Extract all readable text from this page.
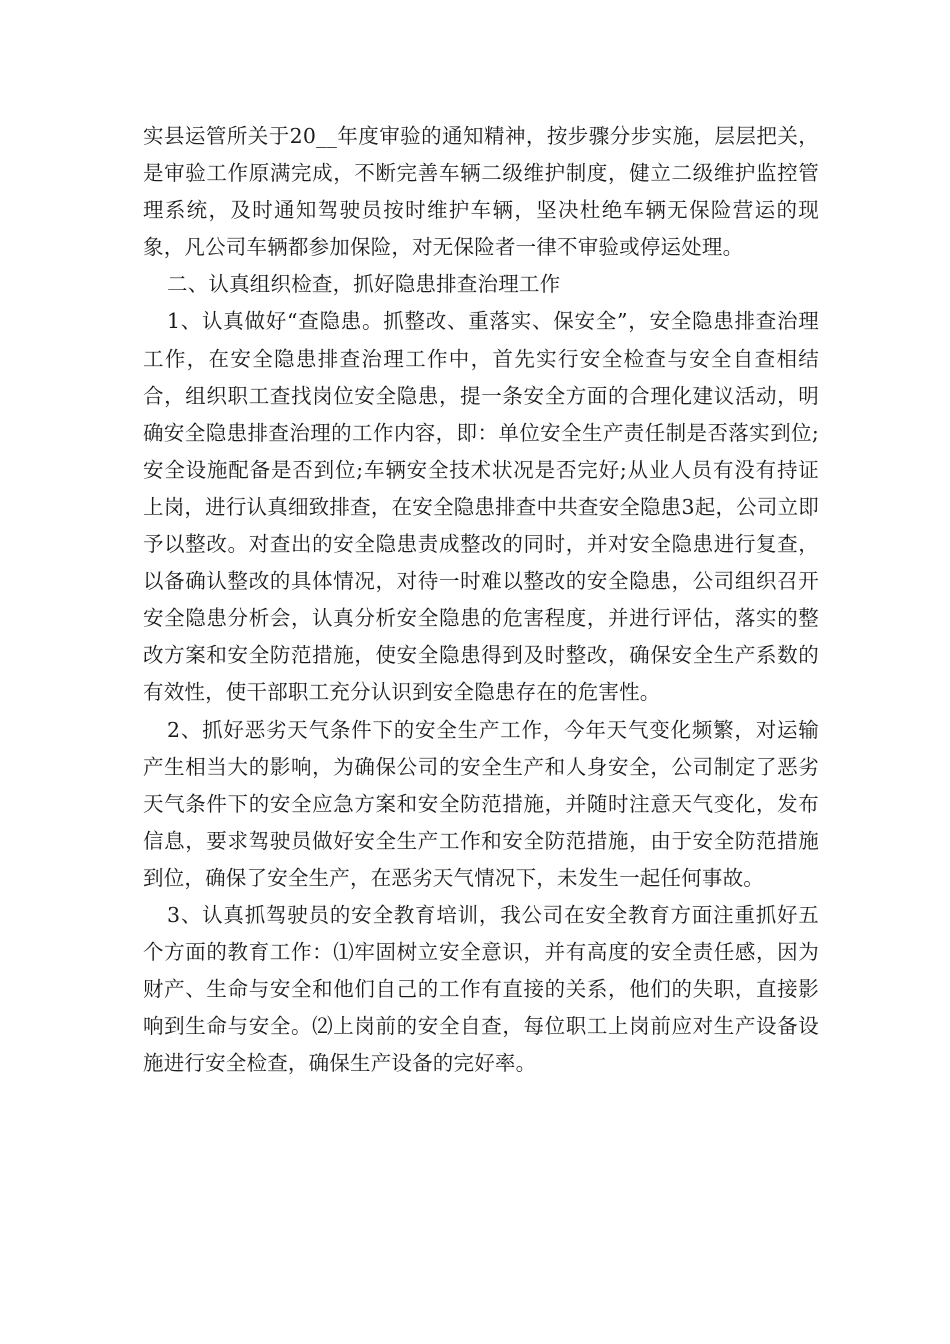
实县运管所关于20__年度审验的通知精神，按步骤分步实施，层层把关，是审验工作原满完成，不断完善车辆二级维护制度，健立二级维护监控管理系统，及时通知驾驶员按时维护车辆，坚决杜绝车辆无保险营运的现象，凡公司车辆都参加保险，对无保险者一律不审验或停运处理。

二、认真组织检查，抓好隐患排查治理工作

1、认真做好“查隐患。抓整改、重落实、保安全”，安全隐患排查治理工作，在安全隐患排查治理工作中，首先实行安全检查与安全自查相结合，组织职工查找岗位安全隐患，提一条安全方面的合理化建议活动，明确安全隐患排查治理的工作内容，即：单位安全生产责任制是否落实到位;安全设施配备是否到位;车辆安全技术状况是否完好;从业人员有没有持证上岗，进行认真细致排查，在安全隐患排查中共查安全隐患3起，公司立即予以整改。对查出的安全隐患责成整改的同时，并对安全隐患进行复查，以备确认整改的具体情况，对待一时难以整改的安全隐患，公司组织召开安全隐患分析会，认真分析安全隐患的危害程度，并进行评估，落实的整改方案和安全防范措施，使安全隐患得到及时整改，确保安全生产系数的有效性，使干部职工充分认识到安全隐患存在的危害性。

2、抓好恶劣天气条件下的安全生产工作，今年天气变化频繁，对运输产生相当大的影响，为确保公司的安全生产和人身安全，公司制定了恶劣天气条件下的安全应急方案和安全防范措施，并随时注意天气变化，发布信息，要求驾驶员做好安全生产工作和安全防范措施，由于安全防范措施到位，确保了安全生产，在恶劣天气情况下，未发生一起任何事故。

3、认真抓驾驶员的安全教育培训，我公司在安全教育方面注重抓好五个方面的教育工作：⑴牢固树立安全意识，并有高度的安全责任感，因为财产、生命与安全和他们自己的工作有直接的关系，他们的失职，直接影响到生命与安全。⑵上岗前的安全自查，每位职工上岗前应对生产设备设施进行安全检查，确保生产设备的完好率。
